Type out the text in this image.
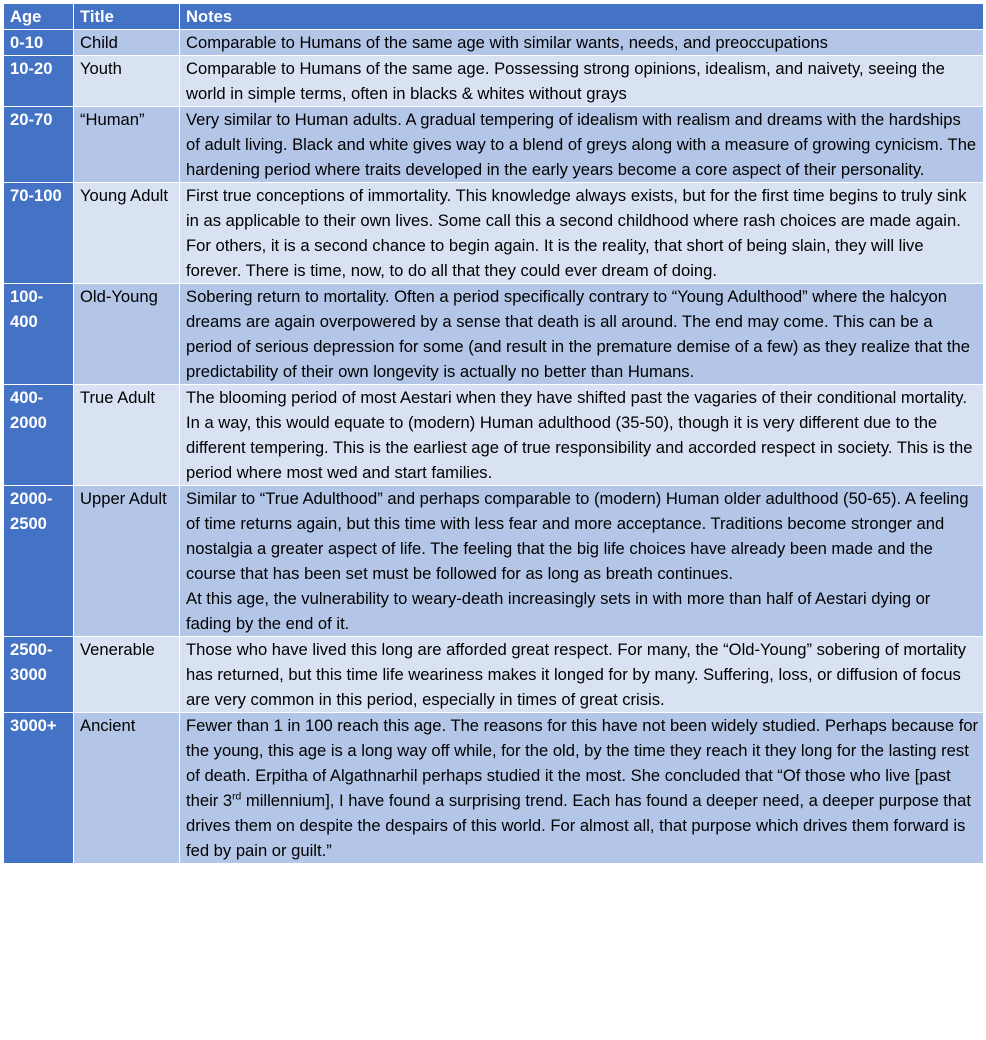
Age	Title	Notes
0-10	Child	Comparable to Humans of the same age with similar wants, needs, and preoccupations

10-20	Youth	Comparable to Humans of the same age. Possessing strong opinions, idealism, and naivety, seeing the world in simple terms, often in blacks & whites without grays

20-70	“Human”	Very similar to Human adults. A gradual tempering of idealism with realism and dreams with the hardships of adult living. Black and white gives way to a blend of greys along with a measure of growing cynicism. The hardening period where traits developed in the early years become a core aspect of their personality.

70-100	Young Adult	First true conceptions of immortality. This knowledge always exists, but for the first time begins to truly sink in as applicable to their own lives. Some call this a second childhood where rash choices are made again. For others, it is a second chance to begin again. It is the reality, that short of being slain, they will live forever. There is time, now, to do all that they could ever dream of doing.

100-400	Old-Young	Sobering return to mortality. Often a period specifically contrary to “Young Adulthood” where the halcyon dreams are again overpowered by a sense that death is all around. The end may come. This can be a period of serious depression for some (and result in the premature demise of a few) as they realize that the predictability of their own longevity is actually no better than Humans.

400-2000	True Adult	The blooming period of most Aestari when they have shifted past the vagaries of their conditional mortality. In a way, this would equate to (modern) Human adulthood (35-50), though it is very different due to the different tempering. This is the earliest age of true responsibility and accorded respect in society. This is the period where most wed and start families.

2000-2500	Upper Adult	Similar to “True Adulthood” and perhaps comparable to (modern) Human older adulthood (50-65). A feeling of time returns again, but this time with less fear and more acceptance. Traditions become stronger and nostalgia a greater aspect of life. The feeling that the big life choices have already been made and the course that has been set must be followed for as long as breath continues.

At this age, the vulnerability to weary-death increasingly sets in with more than half of Aestari dying or fading by the end of it.

2500-3000	Venerable	Those who have lived this long are afforded great respect. For many, the “Old-Young” sobering of mortality has returned, but this time life weariness makes it longed for by many. Suffering, loss, or diffusion of focus are very common in this period, especially in times of great crisis.

3000+	Ancient	Fewer than 1 in 100 reach this age. The reasons for this have not been widely studied. Perhaps because for the young, this age is a long way off while, for the old, by the time they reach it they long for the lasting rest of death. Erpitha of Algathnarhil perhaps studied it the most. She concluded that “Of those who live [past their 3rd millennium], I have found a surprising trend. Each has found a deeper need, a deeper purpose that drives them on despite the despairs of this world. For almost all, that purpose which drives them forward is fed by pain or guilt.”
